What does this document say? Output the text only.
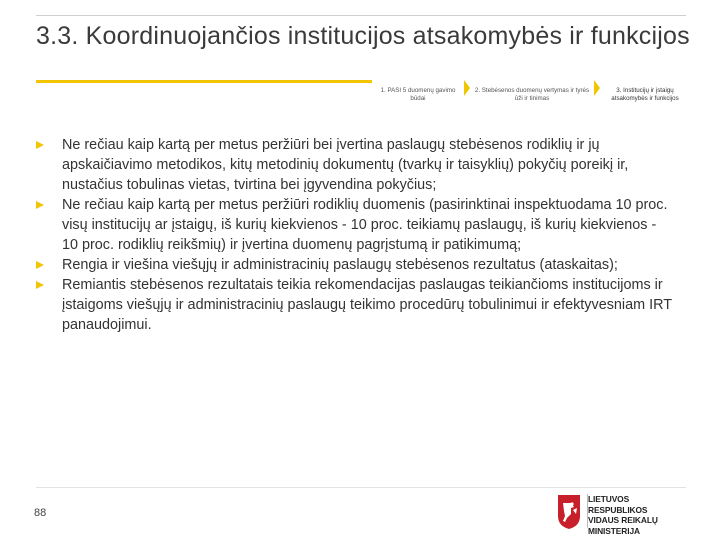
3.3. Koordinuojančios institucijos atsakomybės ir funkcijos
1. PASI 5 duomenų gavimo būdai
2. Stebėsenos duomenų vertymas ir tyrės ūži ir tinimas
3. Institucijų ir įstaigų atsakomybės ir funkcijos
Ne rečiau kaip kartą per metus peržiūri bei įvertina paslaugų stebėsenos rodiklių ir jų apskaičiavimo metodikos, kitų metodinių dokumentų (tvarkų ir taisyklių) pokyčių poreikį ir, nustačius tobulinas vietas, tvirtina bei įgyvendina pokyčius;
Ne rečiau kaip kartą per metus peržiūri rodiklių duomenis (pasirinktinai inspektuodama 10 proc. visų institucijų ar įstaigų, iš kurių kiekvienos - 10 proc. teikiamų paslaugų, iš kurių kiekvienos - 10 proc. rodiklių reikšmių) ir įvertina duomenų pagrįstumą ir patikimumą;
Rengia ir viešina viešųjų ir administracinių paslaugų stebėsenos rezultatus (ataskaitas);
Remiantis stebėsenos rezultatais teikia rekomendacijas paslaugas teikiančioms institucijoms ir įstaigoms viešųjų ir administracinių paslaugų teikimo procedūrų tobulinimui ir efektyvesniam IRT panaudojimui.
88
LIETUVOS RESPUBLIKOS
VIDAUS REIKALŲ
MINISTERIJA
